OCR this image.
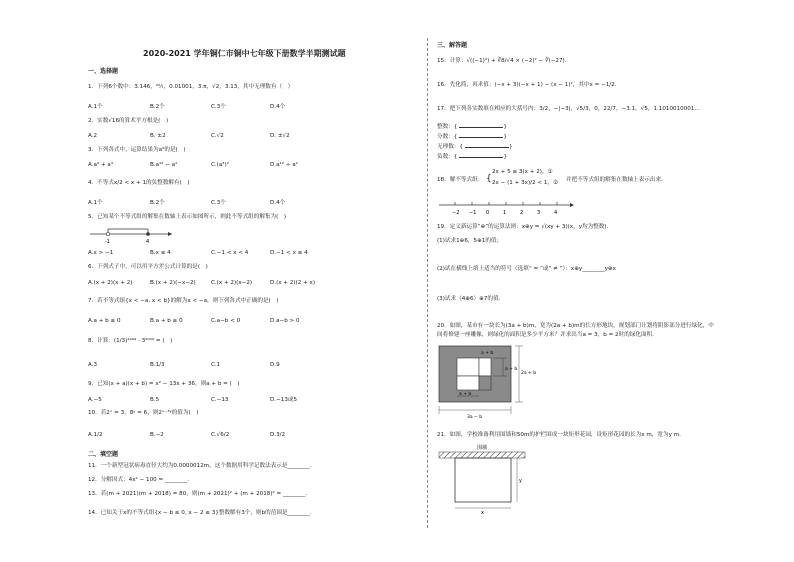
2020-2021 学年铜仁市铜中七年级下册数学半期测试题
一、选择题
1．下列6个数中：3.146，²²⁄₇，0.01001，3.π，√2，3.13，其中无理数有（　）
A.1个	B.2个	C.3个	D.4个
2．实数√16的算术平方根是(　)
A.2	B. ±2	C.√2	D. ±√2
3．下列各式中，运算结果为a⁶的是(　)
A.a³ + a³	B.a¹² − a²	C.(a³)²	D.a¹² ÷ a²
4．不等式x/2 < x + 1的负整数解有(　)
A.1个	B.2个	C.3个	D.4个
5．已知某个不等式组的解集在数轴上表示如图所示，则此不等式组的解集为(　)
-1	4
A.x > −1	B.x ≤ 4	C.−1 < x < 4	D.−1 < x ≤ 4
6．下列式子中，可以用平方差公式计算的是(　)
A.(x + 2)(x + 2)	B.(x + 2)(−x−2)	C.(x + 2)(x−2)	D.(x + 2)(2 + x)
7．若不等式组{x < −a, x < b}的解为x < −a，则下列各式中正确的是(　)
A.a + b ≤ 0	B.a + b ≥ 0	C.a−b < 0	D.a−b > 0
8．计算：(1/3)¹⁹⁹⁹ · 3²⁰⁰⁰ = (　)
A.3	B.1/3	C.1	D.9
9．已知(x + a)(x + b) = x² − 13x + 36，则a + b = (　)
A.−5	B.5	C.−13	D.−13或5
10．若2ˣ = 3，8ʸ = 6，则2ˣ⁻³ʸ的值为(　)
A.1/2	B.−2	C.√6/2	D.3/2
二、填空题
11．一个新型冠状病毒直径大约为0.0000012m，这个数据用科学记数法表示是________．
12．分解因式：4x² − 100 = ________．
13．若(m + 2021)(m + 2018) = 80，则(m + 2021)² + (m + 2018)² = ________．
14．已知关于x的不等式组{x − b ≤ 0, x − 2 ≥ 3}整数解有3个，则b的范围是________．
三、解答题
15．计算：√((−1)²) + ∛8/√4 × (−2)² − ∛(−27)．
16．先化简，再求值：(−x + 3)(−x + 1) − (x − 1)²，其中x = −1/2．
17．把下列各实数填在相应的大括号内：3/2，−|−3|，√5/3，0，22/7，−3.1，√5，1.1010010001…
整数：{	}
分数：{	}
无理数：{	}
负数：{	}
18．解不等式组： {
2x + 5 ≤ 3(x + 2)，①
2x − (1 + 3x)/2 < 1，② 并把不等式组的解集在数轴上表示出来．
−2 −1 0	1	2	3	4
19．定义新运算“⊕”的运算法则：x⊕y = √(xy + 3)(x，y均为整数)．
(1)试求1⊕6，5⊕1的值；
(2)试在横线上填上适当的符号（选填“ = ”或“ ≠ ”）：x⊕y________y⊕x
(3)试求（4⊕6）⊕7的值．
20．如图，某市有一块长为(3a + b)m，宽为(2a + b)m的长方形地块，规划部门计划将阴影部分进行绿化，中
间将修建一座雕像，则绿化的面积是多少平方米？并求出当a = 3，b = 2时的绿化面积．
a + b
2a + b
a + b
3a − b
a + b
21．如图，学校准备利用围墙和50m的护栏围成一块矩形花园，设矩形花园的长为x m，宽为y m．
围墙
y
x
